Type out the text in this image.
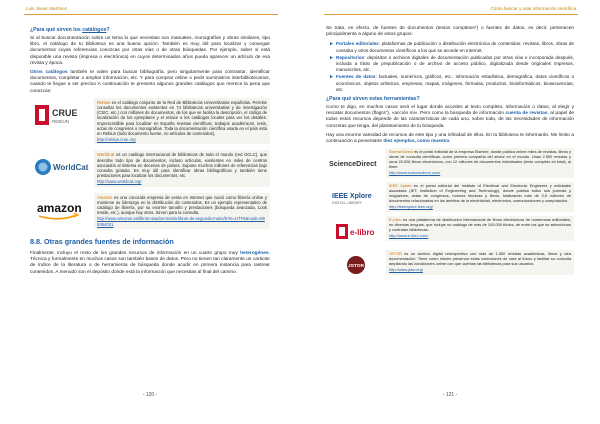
Luis Javier Martínez
¿Para qué sirven los catálogos?
Si al buscar documentación sobre un tema lo que necesitas son manuales, monografías y obras similares, tipo libro, el catálogo de tu biblioteca es una buena opción. También es muy útil para localizar y conseguir documentos cuyas referencias conozcas por otras vías o de otras búsquedas. Por ejemplo, saber si está disponible una revista (impresa o electrónica) en cuyos determinados años pueda aparecer un artículo de esa revista y época.
Otros catálogos también te valen para buscar bibliografía, pero singularmente para contrastar, identificar documentos, completar o ampliar información, etc. Y para comprar online o pedir suministros interbibliotecarios, cuando te llegue a ser preciso A continuación te presento algunos grandes catálogos que merece la pena que conozcas:
CRUE
REBIUN
Rebiun es el catálogo conjunto de la Red de Bibliotecas Universitarias españolas. Permite consultar los documentos existentes en 74 bibliotecas universitarias y de investigación (CSIC, etc.) con millones de documentos, de los que se facilita la descripción, el código de localización de los ejemplares y el enlace a los catálogos locales para ver los detalles. Imprescindible para localizar en España revistas científicas, trabajos académicos, tesis, actas de congresos o monografías. Toda la documentación científica usada en el país está en Rebiun (todo documento fuente, no artículos de contenidos).
http://rebiun.crue.org
WorldCat
WorldCat es un catálogo internacional de bibliotecas de todo el mundo (red OCLC), que describe todo tipo de documentos, incluso artículos, existentes en miles de centros asociados al sistema en decenas de países. Supone muchos millones de referencias bajo consulta gratuita. Es muy útil para identificar obras bibliográficas y también tiene prestaciones para localizar los documentos, etc.
http://www.worldcat.org/
amazon
Amazon es una conocida empresa de venta en Internet que nació como librería online y mantiene su liderazgo en la distribución de contenidos. Es un ejemplo representativo de catálogo de librería, por su enorme tamaño y prestaciones (búsqueda avanzada, Look Inside, etc.), aunque hay otros. Sirven para la consulta.
http://www.amazon.es/libros-usados-tienda-libros-de-segunda-mano/b?ie=UTF8&node=599364031
8.8. Otras grandes fuentes de información
Finalmente, incluyo el resto de los grandes recursos de información en un cuarto grupo muy heterogéneo. Técnica y formalmente en muchos casos son también bases de datos. Pero no tienen tan claramente un carácter de índice de la literatura o de herramienta de búsqueda donde acudir en primera instancia para rastrear contenidos. A menudo son el depósito donde está la información que necesitas al final del camino.
- 120 -
Cómo buscar y usar información científica
Se trata, en efecto, de fuentes de documentos (textos completos*) o fuentes de datos, es decir, pertenecen principalmente a alguno de estos grupos:
► Portales editoriales: plataformas de publicación o distribución electrónica de contenidos: revistas, libros, obras de consulta y otros documentos científicos a los que se accede en Internet.
► Repositorios: depósitos o archivos digitales de documentación publicados por otras vías e incorporada después, incluida a título de prepublicación o de archivo de acceso público, digitalizada desde originales impresos, manuscritos, etc.
► Fuentes de datos: factuales, numéricos, gráficos, etc.: información estadística, demográfica, datos científicos o económicos, objetos artísticos, empresas, mapas, imágenes, fórmulas, productos, bioinformáticos, biosecuencias, etc.
¿Para qué sirven estas herramientas?
Como te digo, en muchos casos será el lugar donde accedes al texto completo, información o datos, al elegir y rescatar documentos (flagra"), «acción mi». Pero como la búsqueda de información cuenta de revistas, al papel de todos estos recursos depende de las características de cada uno, sobre todo, de las necesidades de información concretas que tenga, del planteamiento de tu búsqueda.
Hay una enorme variedad de recursos de este tipo y una infinidad de ellos. En tu biblioteca te informarán. Me limito a continuación a presentarte diez ejemplos, como muestra
ScienceDirect
ScienceDirect es el portal editorial de la empresa Elsevier, donde publica online miles de revistas, libros y obras de consulta científicas, como primera compañía del sector en el mundo. Unas 2.500 revistas y unos 20.000 libros electrónicos, con 12 millones de documentos individuales (texto completo en total), al timer.
http://www.sciencedirect.com/
IEEE Xplore
DIGITAL LIBRARY
IEEE Xplore es el portal editorial del Institute of Electrical and Electronic Engineers y entidades asociadas (IET: Institution of Engineering and Technology), donde publica todos sus journals y magazines, actas de congresos, normas técnicas y libros, totalizando más de 3,5 millones de documentos relacionados en los ámbitos de la electricidad, electrónica, comunicaciones y computación.
http://ieeexplore.ieee.org/
e-libro
E-Libro es una plataforma de distribución internacional de libros electrónicos de numerosas editoriales, en diversas lenguas, que incluye un catálogo de más de 100.000 títulos, de entre los que se seleccionan y contratan bibliotecas.
http://www.e-libro.com/
JSTOR
JSTOR es un archivo digital retrospectivo con más de 1.500 revistas académicas, libros y otra documentación. Tiene como misión preservar estas colecciones de cara al futuro y facilitar su consulta ampliando las condiciones online con que cuentan las bibliotecas para sus usuarios.
http://www.jstor.org/
- 121 -
